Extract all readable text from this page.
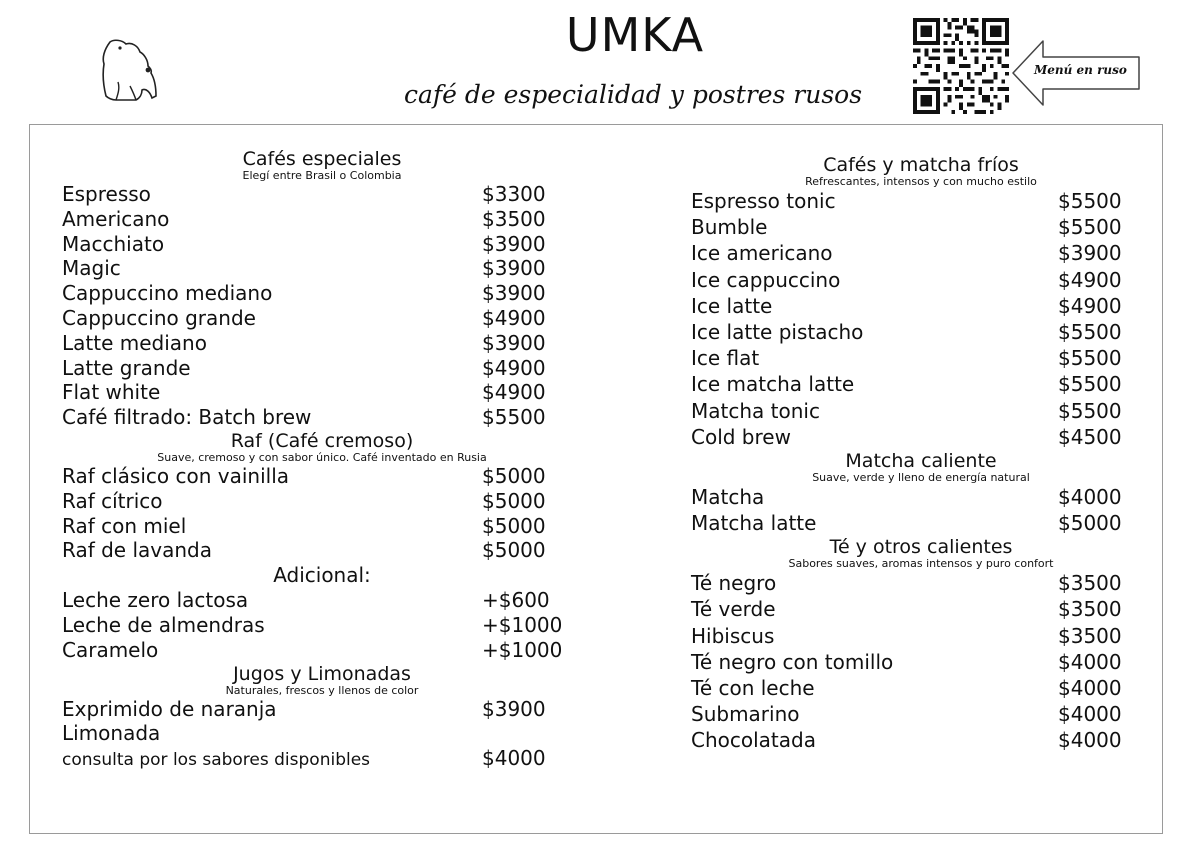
UMKA
café de especialidad y postres rusos
Menú en ruso
Cafés especiales
Elegí entre Brasil o Colombia
Espresso	$3300
Americano	$3500
Macchiato	$3900
Magic	$3900
Cappuccino mediano	$3900
Cappuccino grande	$4900
Latte mediano	$3900
Latte grande	$4900
Flat white	$4900
Café filtrado: Batch brew	$5500
Raf (Café cremoso)
Suave, cremoso y con sabor único. Café inventado en Rusia
Raf clásico con vainilla	$5000
Raf cítrico	$5000
Raf con miel	$5000
Raf de lavanda	$5000
Adicional:
Leche zero lactosa	+$600
Leche de almendras	+$1000
Caramelo	+$1000
Jugos y Limonadas
Naturales, frescos y llenos de color
Exprimido de naranja	$3900
Limonada
consulta por los sabores disponibles	$4000
Cafés y matcha fríos
Refrescantes, intensos y con mucho estilo
Espresso tonic	$5500
Bumble	$5500
Ice americano	$3900
Ice cappuccino	$4900
Ice latte	$4900
Ice latte pistacho	$5500
Ice flat	$5500
Ice matcha latte	$5500
Matcha tonic	$5500
Cold brew	$4500
Matcha caliente
Suave, verde y lleno de energía natural
Matcha	$4000
Matcha latte	$5000
Té y otros calientes
Sabores suaves, aromas intensos y puro confort
Té negro	$3500
Té verde	$3500
Hibiscus	$3500
Té negro con tomillo	$4000
Té con leche	$4000
Submarino	$4000
Chocolatada	$4000
